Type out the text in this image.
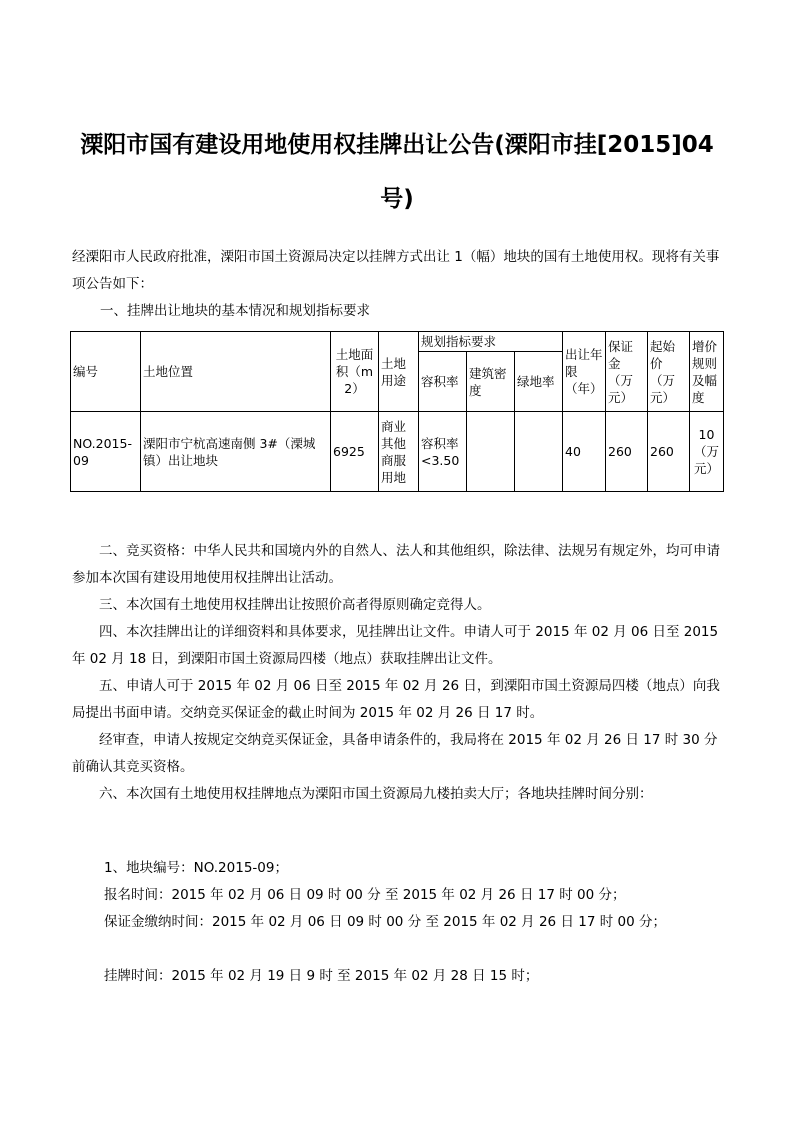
溧阳市国有建设用地使用权挂牌出让公告(溧阳市挂[2015]04
号)
经溧阳市人民政府批准，溧阳市国土资源局决定以挂牌方式出让 1（幅）地块的国有土地使用权。现将有关事项公告如下：
一、挂牌出让地块的基本情况和规划指标要求
编号	土地位置	土地面积（m2）	土地用途	规划指标要求			出让年限（年）	保证金（万元）	起始价（万元）	增价规则及幅度
				容积率	建筑密度	绿地率				
NO.2015-09	溧阳市宁杭高速南侧 3#（溧城镇）出让地块	6925	商业其他商服用地	容积率<3.50			40	260	260	10（万元）
二、竞买资格：中华人民共和国境内外的自然人、法人和其他组织，除法律、法规另有规定外，均可申请参加本次国有建设用地使用权挂牌出让活动。
三、本次国有土地使用权挂牌出让按照价高者得原则确定竞得人。
四、本次挂牌出让的详细资料和具体要求，见挂牌出让文件。申请人可于 2015 年 02 月 06 日至 2015 年 02 月 18 日，到溧阳市国土资源局四楼（地点）获取挂牌出让文件。
五、申请人可于 2015 年 02 月 06 日至 2015 年 02 月 26 日，到溧阳市国土资源局四楼（地点）向我局提出书面申请。交纳竞买保证金的截止时间为 2015 年 02 月 26 日 17 时。
经审查，申请人按规定交纳竞买保证金，具备申请条件的，我局将在 2015 年 02 月 26 日 17 时 30 分前确认其竞买资格。
六、本次国有土地使用权挂牌地点为溧阳市国土资源局九楼拍卖大厅；各地块挂牌时间分别：
1、地块编号：NO.2015-09；
报名时间：2015 年 02 月 06 日 09 时 00 分 至 2015 年 02 月 26 日 17 时 00 分；
保证金缴纳时间：2015 年 02 月 06 日 09 时 00 分 至 2015 年 02 月 26 日 17 时 00 分；
挂牌时间：2015 年 02 月 19 日 9 时 至 2015 年 02 月 28 日 15 时；
